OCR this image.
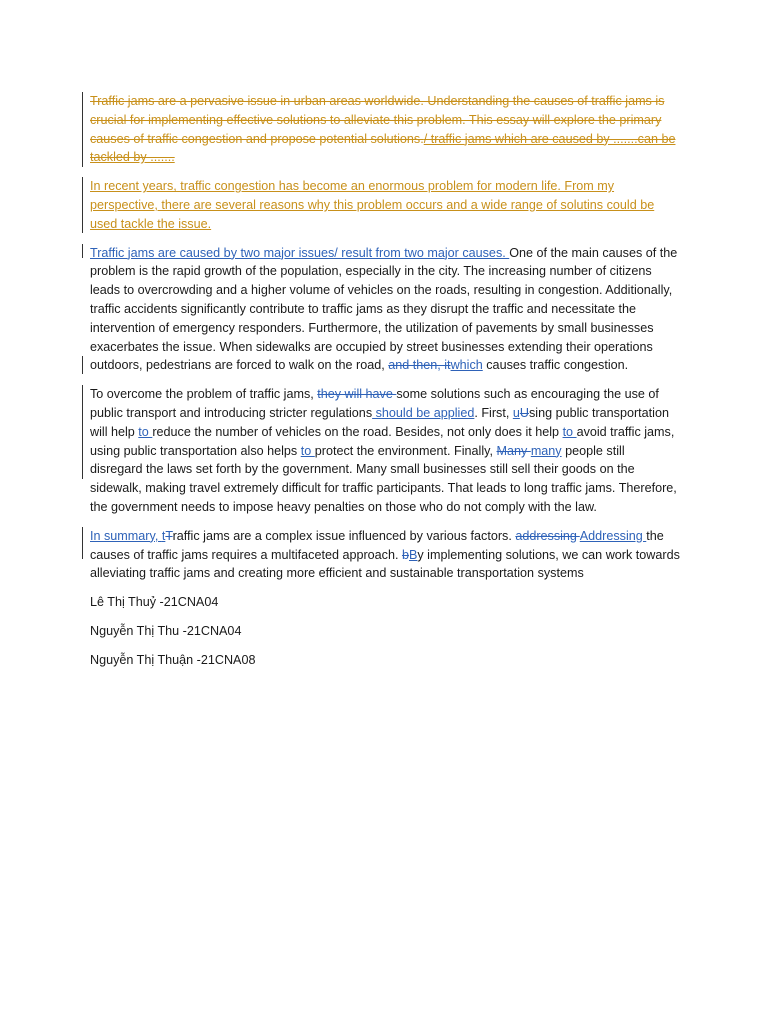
Traffic jams are a pervasive issue in urban areas worldwide. Understanding the causes of traffic jams is crucial for implementing effective solutions to alleviate this problem. This essay will explore the primary causes of traffic congestion and propose potential solutions./ traffic jams which are caused by .......can be tackled by .......

In recent years, traffic congestion has become an enormous problem for modern life. From my perspective, there are several reasons why this problem occurs and a wide range of solutins could be used tackle the issue.

Traffic jams are caused by two major issues/ result from two major causes. One of the main causes of the problem is the rapid growth of the population, especially in the city. The increasing number of citizens leads to overcrowding and a higher volume of vehicles on the roads, resulting in congestion. Additionally, traffic accidents significantly contribute to traffic jams as they disrupt the traffic and necessitate the intervention of emergency responders. Furthermore, the utilization of pavements by small businesses exacerbates the issue. When sidewalks are occupied by street businesses extending their operations outdoors, pedestrians are forced to walk on the road, and then, itwhich causes traffic congestion.

To overcome the problem of traffic jams, they will have some solutions such as encouraging the use of public transport and introducing stricter regulations should be applied. First, uUsing public transportation will help to reduce the number of vehicles on the road. Besides, not only does it help to avoid traffic jams, using public transportation also helps to protect the environment. Finally, Many many people still disregard the laws set forth by the government. Many small businesses still sell their goods on the sidewalk, making travel extremely difficult for traffic participants. That leads to long traffic jams. Therefore, the government needs to impose heavy penalties on those who do not comply with the law.

In summary, tTraffic jams are a complex issue influenced by various factors. addressing Addressing the causes of traffic jams requires a multifaceted approach. bBy implementing solutions, we can work towards alleviating traffic jams and creating more efficient and sustainable transportation systems

Lê Thị Thuỷ -21CNA04

Nguyễn Thị Thu -21CNA04

Nguyễn Thị Thuận -21CNA08
